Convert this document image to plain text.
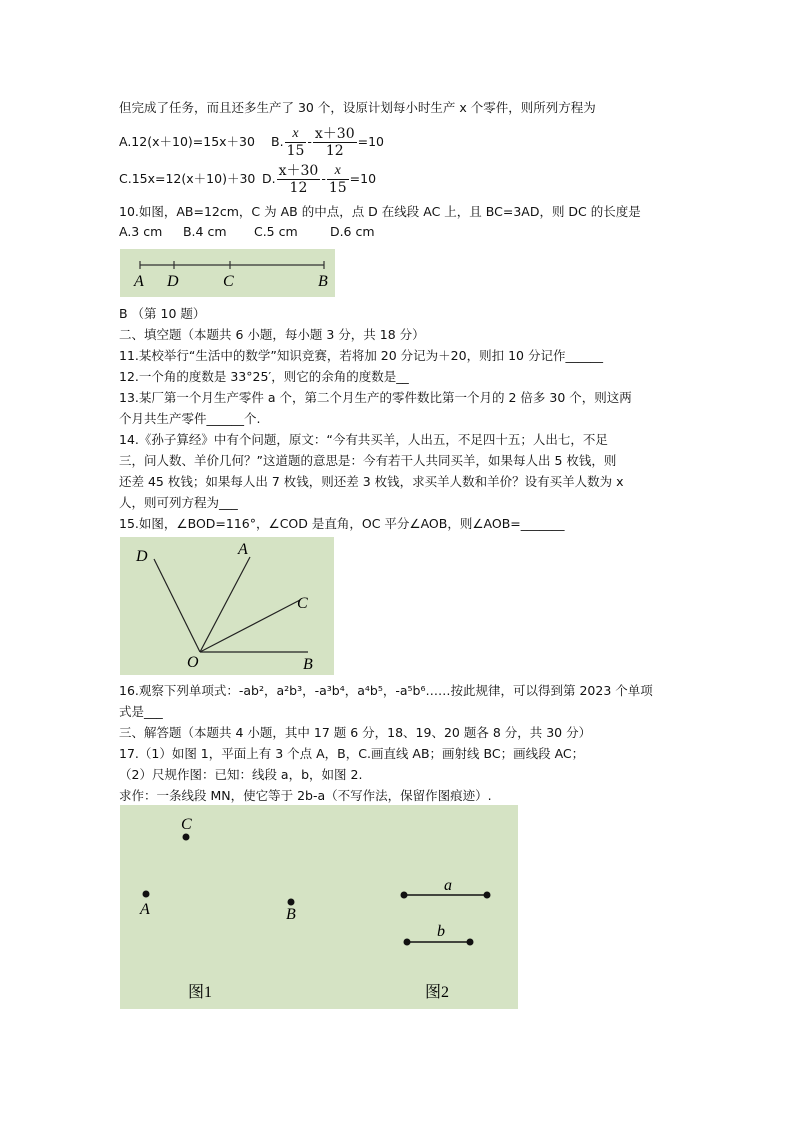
但完成了任务，而且还多生产了 30 个，设原计划每小时生产 x 个零件，则所列方程为
A.12(x＋10)=15x＋30	B. $\frac{x}{15} - \frac{x+30}{12} =10$
C.15x=12(x＋10)＋30 D. $\frac{x+30}{12} - \frac{x}{15} =10$
10.如图，AB=12cm，C 为 AB 的中点，点 D 在线段 AC 上，且 BC=3AD，则 DC 的长度是
A.3 cm B.4 cm C.5 cm	D.6 cm
A D	C	B
B （第 10 题）
二、填空题（本题共 6 小题，每小题 3 分，共 18 分）
11.某校举行“生活中的数学”知识竞赛，若将加 20 分记为＋20，则扣 10 分记作______
12.一个角的度数是 33°25′，则它的余角的度数是__
13.某厂第一个月生产零件 a 个，第二个月生产的零件数比第一个月的 2 倍多 30 个，则这两
个月共生产零件______个.
14.《孙子算经》中有个问题，原文：“今有共买羊，人出五，不足四十五；人出七，不足
三，问人数、羊价几何？”这道题的意思是：今有若干人共同买羊，如果每人出 5 枚钱，则
还差 45 枚钱；如果每人出 7 枚钱，则还差 3 枚钱，求买羊人数和羊价？设有买羊人数为 x
人，则可列方程为___
15.如图，∠BOD=116°，∠COD 是直角，OC 平分∠AOB，则∠AOB=_______
D	A
C
O	B
16.观察下列单项式：-ab²，a²b³，-a³b⁴，a⁴b⁵，-a⁵b⁶……按此规律，可以得到第 2023 个单项
式是___
三、解答题（本题共 4 小题，其中 17 题 6 分，18、19、20 题各 8 分，共 30 分）
17.（1）如图 1，平面上有 3 个点 A，B，C.画直线 AB；画射线 BC；画线段 AC；
（2）尺规作图：已知：线段 a，b，如图 2.
求作：一条线段 MN，使它等于 2b-a（不写作法，保留作图痕迹）.
C
A	B
a
b
图1	图2
